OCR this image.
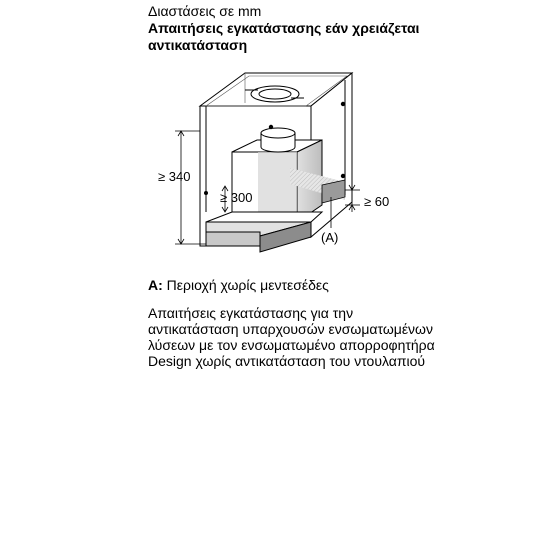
Διαστάσεις σε mm
Απαιτήσεις εγκατάστασης εάν χρειάζεται
αντικατάσταση
≥ 340
≥ 300	≥ 60
(A)
A: Περιοχή χωρίς μεντεσέδες
Απαιτήσεις εγκατάστασης για την
αντικατάσταση υπαρχουσών ενσωματωμένων
λύσεων με τον ενσωματωμένο απορροφητήρα
Design χωρίς αντικατάσταση του ντουλαπιού
